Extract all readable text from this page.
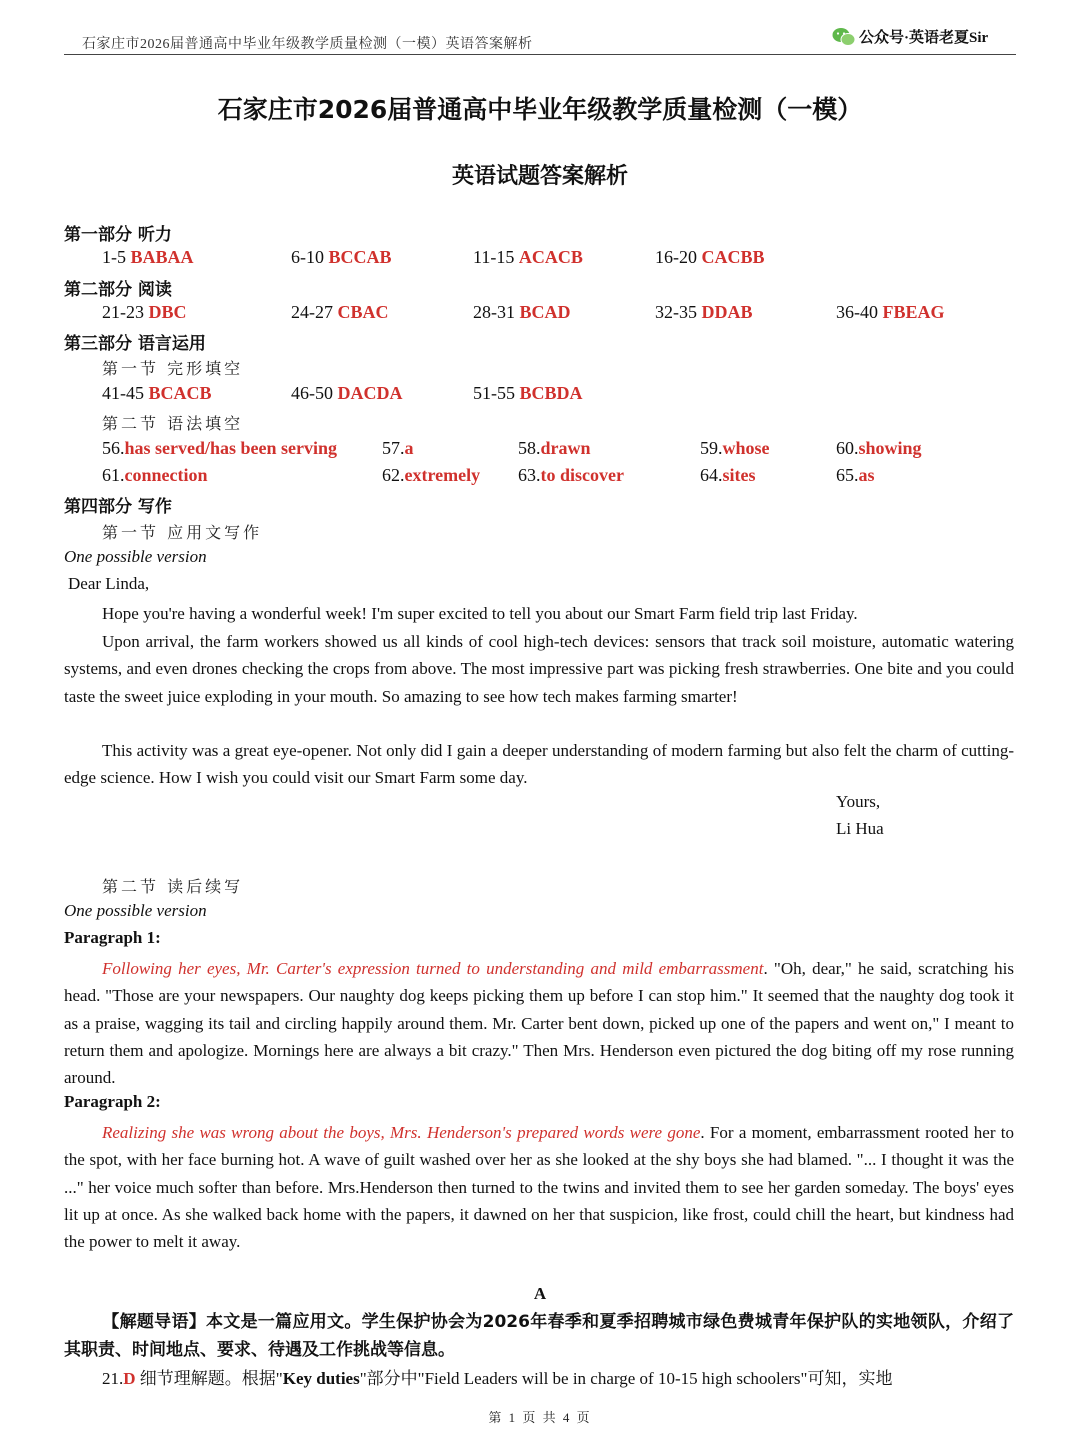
石家庄市2026届普通高中毕业年级教学质量检测（一模）英语答案解析	公众号·英语老夏Sir
石家庄市2026届普通高中毕业年级教学质量检测（一模）
英语试题答案解析
第一部分 听力
1-5 BABAA	6-10 BCCAB	11-15 ACACB	16-20 CACBB
第二部分 阅读
21-23 DBC	24-27 CBAC	28-31 BCAD	32-35 DDAB	36-40 FBEAG
第三部分 语言运用
第一节 完形填空
41-45 BCACB	46-50 DACDA	51-55 BCBDA
第二节 语法填空
56.has served/has been serving 57.a	58.drawn	59.whose	60.showing
61.connection	62.extremely 63.to discover	64.sites	65.as
第四部分 写作
第一节 应用文写作
One possible version
Dear Linda,
Hope you're having a wonderful week! I'm super excited to tell you about our Smart Farm field trip last Friday.
Upon arrival, the farm workers showed us all kinds of cool high-tech devices: sensors that track soil moisture, automatic watering systems, and even drones checking the crops from above. The most impressive part was picking fresh strawberries. One bite and you could taste the sweet juice exploding in your mouth. So amazing to see how tech makes farming smarter!
This activity was a great eye-opener. Not only did I gain a deeper understanding of modern farming but also felt the charm of cutting-edge science. How I wish you could visit our Smart Farm some day.
Yours,
Li Hua
第二节 读后续写
One possible version
Paragraph 1:
Following her eyes, Mr. Carter's expression turned to understanding and mild embarrassment. "Oh, dear," he said, scratching his head. "Those are your newspapers. Our naughty dog keeps picking them up before I can stop him." It seemed that the naughty dog took it as a praise, wagging its tail and circling happily around them. Mr. Carter bent down, picked up one of the papers and went on," I meant to return them and apologize. Mornings here are always a bit crazy." Then Mrs. Henderson even pictured the dog biting off my rose running around.
Paragraph 2:
Realizing she was wrong about the boys, Mrs. Henderson's prepared words were gone. For a moment, embarrassment rooted her to the spot, with her face burning hot. A wave of guilt washed over her as she looked at the shy boys she had blamed. "... I thought it was the ..." her voice much softer than before. Mrs.Henderson then turned to the twins and invited them to see her garden someday. The boys' eyes lit up at once. As she walked back home with the papers, it dawned on her that suspicion, like frost, could chill the heart, but kindness had the power to melt it away.
A
【解题导语】本文是一篇应用文。学生保护协会为2026年春季和夏季招聘城市绿色费城青年保护队的实地领队，介绍了其职责、时间地点、要求、待遇及工作挑战等信息。
21.D 细节理解题。根据"Key duties"部分中"Field Leaders will be in charge of 10-15 high schoolers"可知，实地
第 1 页 共 4 页
